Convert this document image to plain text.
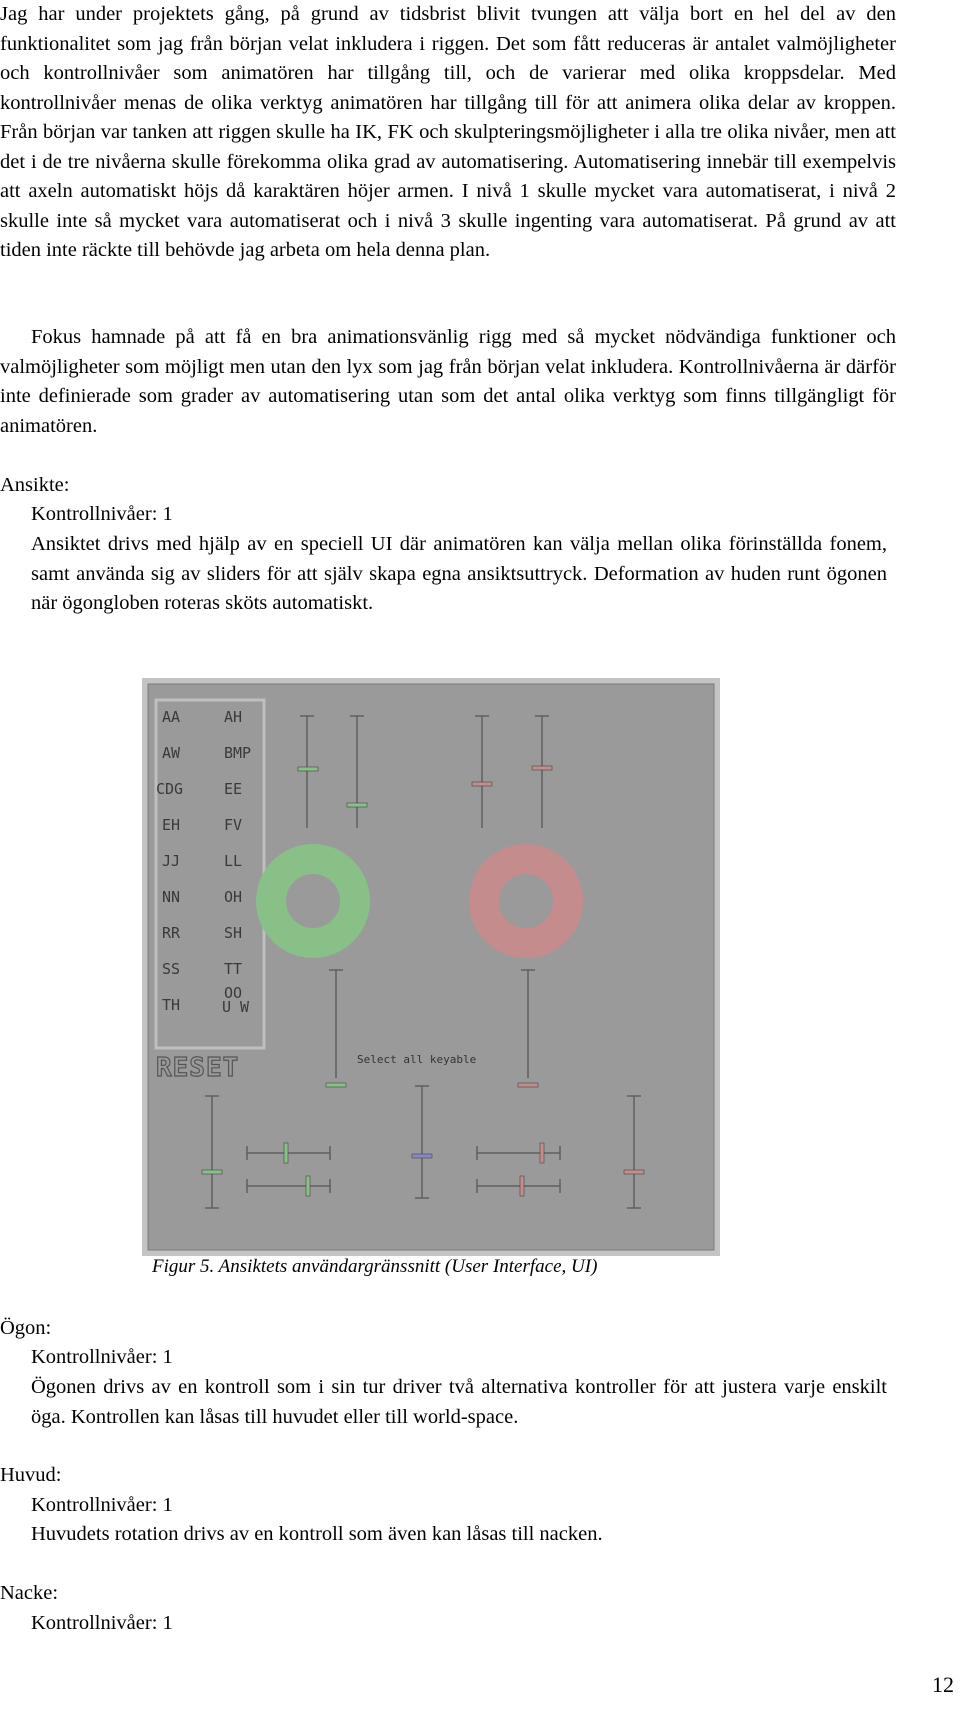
Jag har under projektets gång, på grund av tidsbrist blivit tvungen att välja bort en hel del av den funktionalitet som jag från början velat inkludera i riggen. Det som fått reduceras är antalet valmöjligheter och kontrollnivåer som animatören har tillgång till, och de varierar med olika kroppsdelar. Med kontrollnivåer menas de olika verktyg animatören har tillgång till för att animera olika delar av kroppen. Från början var tanken att riggen skulle ha IK, FK och skulpteringsmöjligheter i alla tre olika nivåer, men att det i de tre nivåerna skulle förekomma olika grad av automatisering. Automatisering innebär till exempelvis att axeln automatiskt höjs då karaktären höjer armen. I nivå 1 skulle mycket vara automatiserat, i nivå 2 skulle inte så mycket vara automatiserat och i nivå 3 skulle ingenting vara automatiserat. På grund av att tiden inte räckte till behövde jag arbeta om hela denna plan.

Fokus hamnade på att få en bra animationsvänlig rigg med så mycket nödvändiga funktioner och valmöjligheter som möjligt men utan den lyx som jag från början velat inkludera. Kontrollnivåerna är därför inte definierade som grader av automatisering utan som det antal olika verktyg som finns tillgängligt för animatören.

Ansikte:
Kontrollnivåer: 1

Ansiktet drivs med hjälp av en speciell UI där animatören kan välja mellan olika förinställda fonem, samt använda sig av sliders för att själv skapa egna ansiktsuttryck. Deformation av huden runt ögonen när ögongloben roteras sköts automatiskt.

AA	AH
AW	BMP
CDG	EE
EH	FV
JJ	LL
NN	OH
RR	SH
SS	TT
TH
OO
U W
RESET	Select all keyable
Figur 5. Ansiktets användargränssnitt (User Interface, UI)
Ögon:
Kontrollnivåer: 1

Ögonen drivs av en kontroll som i sin tur driver två alternativa kontroller för att justera varje enskilt öga. Kontrollen kan låsas till huvudet eller till world-space.

Huvud:
Kontrollnivåer: 1

Huvudets rotation drivs av en kontroll som även kan låsas till nacken.

Nacke:
Kontrollnivåer: 1
12
